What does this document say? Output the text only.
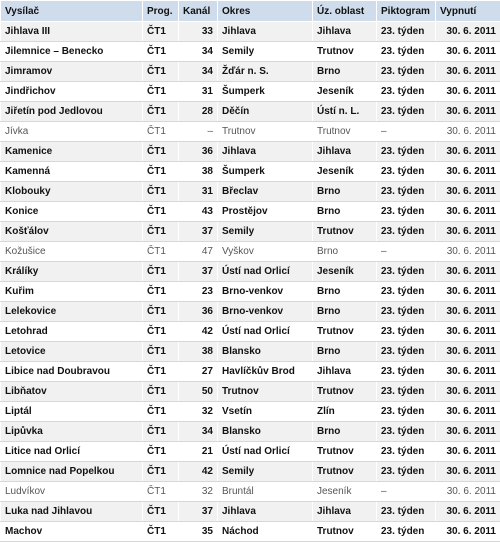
Vysílač	Prog.	Kanál	Okres	Úz. oblast	Piktogram	Vypnutí
Jihlava III	ČT1	33	Jihlava	Jihlava	23. týden	30. 6. 2011
Jilemnice – Benecko	ČT1	34	Semily	Trutnov	23. týden	30. 6. 2011
Jimramov	ČT1	34	Žďár n. S.	Brno	23. týden	30. 6. 2011
Jindřichov	ČT1	31	Šumperk	Jeseník	23. týden	30. 6. 2011
Jiřetín pod Jedlovou	ČT1	28	Děčín	Ústí n. L.	23. týden	30. 6. 2011
Jívka	ČT1	–	Trutnov	Trutnov	–	30. 6. 2011
Kamenice	ČT1	36	Jihlava	Jihlava	23. týden	30. 6. 2011
Kamenná	ČT1	38	Šumperk	Jeseník	23. týden	30. 6. 2011
Klobouky	ČT1	31	Břeclav	Brno	23. týden	30. 6. 2011
Konice	ČT1	43	Prostějov	Brno	23. týden	30. 6. 2011
Košťálov	ČT1	37	Semily	Trutnov	23. týden	30. 6. 2011
Kožušice	ČT1	47	Vyškov	Brno	–	30. 6. 2011
Králíky	ČT1	37	Ústí nad Orlicí	Jeseník	23. týden	30. 6. 2011
Kuřim	ČT1	23	Brno-venkov	Brno	23. týden	30. 6. 2011
Lelekovice	ČT1	36	Brno-venkov	Brno	23. týden	30. 6. 2011
Letohrad	ČT1	42	Ústí nad Orlicí	Trutnov	23. týden	30. 6. 2011
Letovice	ČT1	38	Blansko	Brno	23. týden	30. 6. 2011
Libice nad Doubravou	ČT1	27	Havlíčkův Brod	Jihlava	23. týden	30. 6. 2011
Libňatov	ČT1	50	Trutnov	Trutnov	23. týden	30. 6. 2011
Liptál	ČT1	32	Vsetín	Zlín	23. týden	30. 6. 2011
Lipůvka	ČT1	34	Blansko	Brno	23. týden	30. 6. 2011
Litice nad Orlicí	ČT1	21	Ústí nad Orlicí	Trutnov	23. týden	30. 6. 2011
Lomnice nad Popelkou	ČT1	42	Semily	Trutnov	23. týden	30. 6. 2011
Ludvíkov	ČT1	32	Bruntál	Jeseník	–	30. 6. 2011
Luka nad Jihlavou	ČT1	37	Jihlava	Jihlava	23. týden	30. 6. 2011
Machov	ČT1	35	Náchod	Trutnov	23. týden	30. 6. 2011
